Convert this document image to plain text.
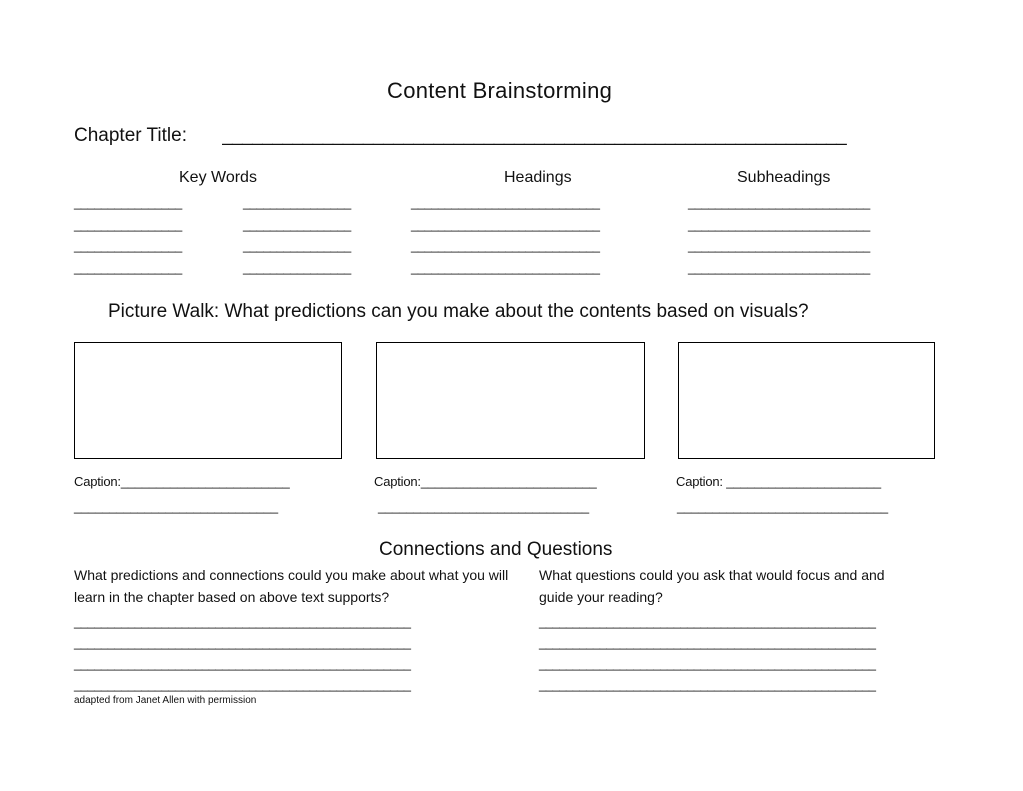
Content Brainstorming
Chapter Title: ______________________________________________________________
Key Words	Headings	Subheadings
________________	________________	____________________________	___________________________
________________	________________	____________________________	___________________________
________________	________________	____________________________	___________________________
________________	________________	____________________________	___________________________
Picture Walk: What predictions can you make about the contents based on visuals?
Caption:________________________	Caption:_________________________	Caption: ______________________
_____________________________	______________________________	______________________________
Connections and Questions
What predictions and connections could you make about what you will learn in the chapter based on above text supports?
What questions could you ask that would focus and and guide your reading?
__________________________________________________
__________________________________________________
__________________________________________________
__________________________________________________
__________________________________________________
__________________________________________________
__________________________________________________
__________________________________________________
adapted from Janet Allen with permission
